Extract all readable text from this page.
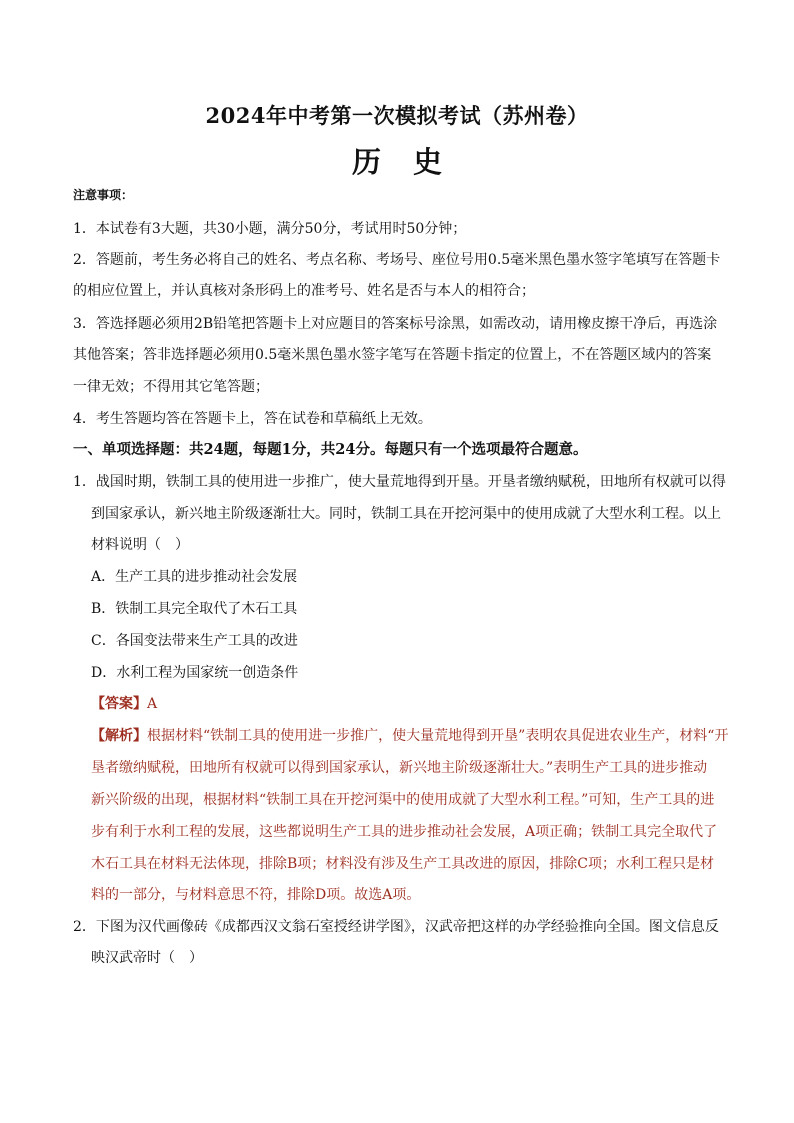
2024年中考第一次模拟考试（苏州卷）
历史
注意事项：
1．本试卷有3大题，共30小题，满分50分，考试用时50分钟；
2．答题前，考生务必将自己的姓名、考点名称、考场号、座位号用0.5毫米黑色墨水签字笔填写在答题卡
的相应位置上，并认真核对条形码上的准考号、姓名是否与本人的相符合；
3．答选择题必须用2B铅笔把答题卡上对应题目的答案标号涂黑，如需改动，请用橡皮擦干净后，再选涂
其他答案；答非选择题必须用0.5毫米黑色墨水签字笔写在答题卡指定的位置上，不在答题区域内的答案
一律无效；不得用其它笔答题；
4．考生答题均答在答题卡上，答在试卷和草稿纸上无效。
一、单项选择题：共24题，每题1分，共24分。每题只有一个选项最符合题意。
1．战国时期，铁制工具的使用进一步推广，使大量荒地得到开垦。开垦者缴纳赋税，田地所有权就可以得
到国家承认，新兴地主阶级逐渐壮大。同时，铁制工具在开挖河渠中的使用成就了大型水利工程。以上
材料说明（　）
A．生产工具的进步推动社会发展
B．铁制工具完全取代了木石工具
C．各国变法带来生产工具的改进
D．水利工程为国家统一创造条件
【答案】A
【解析】根据材料“铁制工具的使用进一步推广，使大量荒地得到开垦”表明农具促进农业生产，材料“开
垦者缴纳赋税，田地所有权就可以得到国家承认，新兴地主阶级逐渐壮大。”表明生产工具的进步推动
新兴阶级的出现，根据材料“铁制工具在开挖河渠中的使用成就了大型水利工程。”可知，生产工具的进
步有利于水利工程的发展，这些都说明生产工具的进步推动社会发展，A项正确；铁制工具完全取代了
木石工具在材料无法体现，排除B项；材料没有涉及生产工具改进的原因，排除C项；水利工程只是材
料的一部分，与材料意思不符，排除D项。故选A项。
2．下图为汉代画像砖《成都西汉文翁石室授经讲学图》，汉武帝把这样的办学经验推向全国。图文信息反
映汉武帝时（　）
